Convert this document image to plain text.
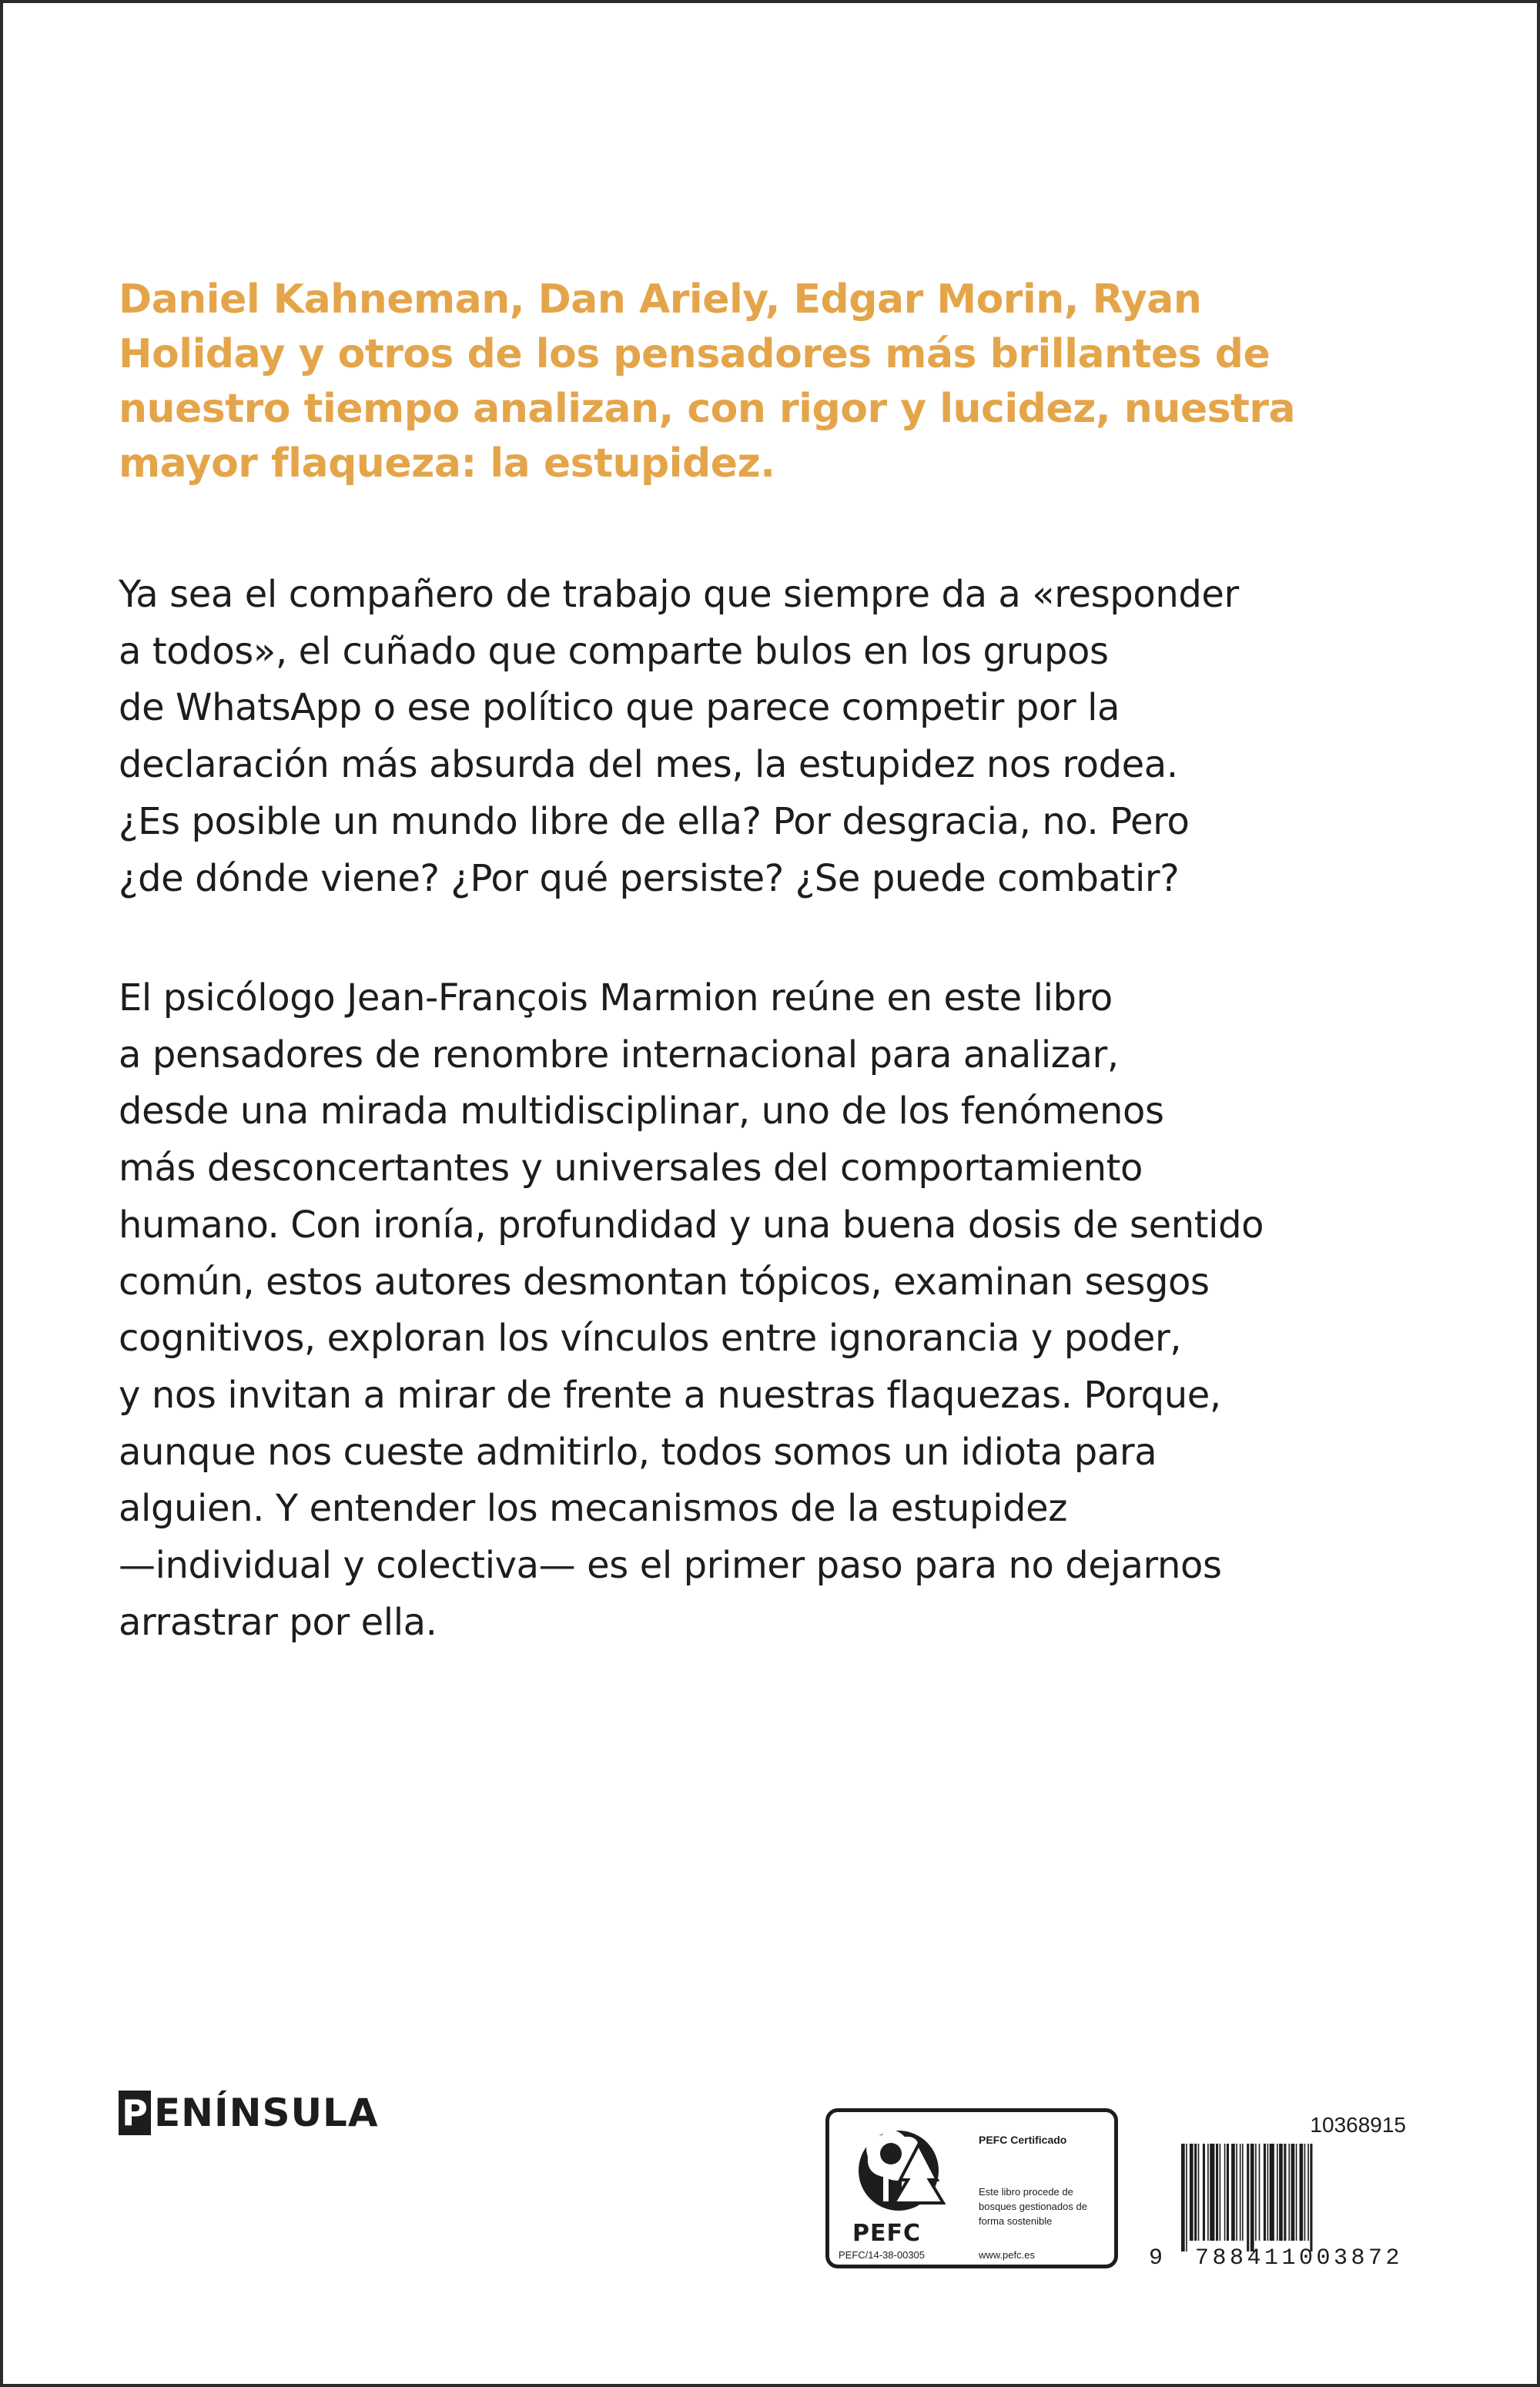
Daniel Kahneman, Dan Ariely, Edgar Morin, Ryan
Holiday y otros de los pensadores más brillantes de
nuestro tiempo analizan, con rigor y lucidez, nuestra
mayor flaqueza: la estupidez.
Ya sea el compañero de trabajo que siempre da a «responder
a todos», el cuñado que comparte bulos en los grupos
de WhatsApp o ese político que parece competir por la
declaración más absurda del mes, la estupidez nos rodea.
¿Es posible un mundo libre de ella? Por desgracia, no. Pero
¿de dónde viene? ¿Por qué persiste? ¿Se puede combatir?
El psicólogo Jean-François Marmion reúne en este libro
a pensadores de renombre internacional para analizar,
desde una mirada multidisciplinar, uno de los fenómenos
más desconcertantes y universales del comportamiento
humano. Con ironía, profundidad y una buena dosis de sentido
común, estos autores desmontan tópicos, examinan sesgos
cognitivos, exploran los vínculos entre ignorancia y poder,
y nos invitan a mirar de frente a nuestras flaquezas. Porque,
aunque nos cueste admitirlo, todos somos un idiota para
alguien. Y entender los mecanismos de la estupidez
—individual y colectiva— es el primer paso para no dejarnos
arrastrar por ella.
P ENÍNSULA
PEFC
PEFC/14-38-00305
PEFC Certificado
Este libro procede de bosques gestionados de forma sostenible
www.pefc.es
10368915
9 788411003872
